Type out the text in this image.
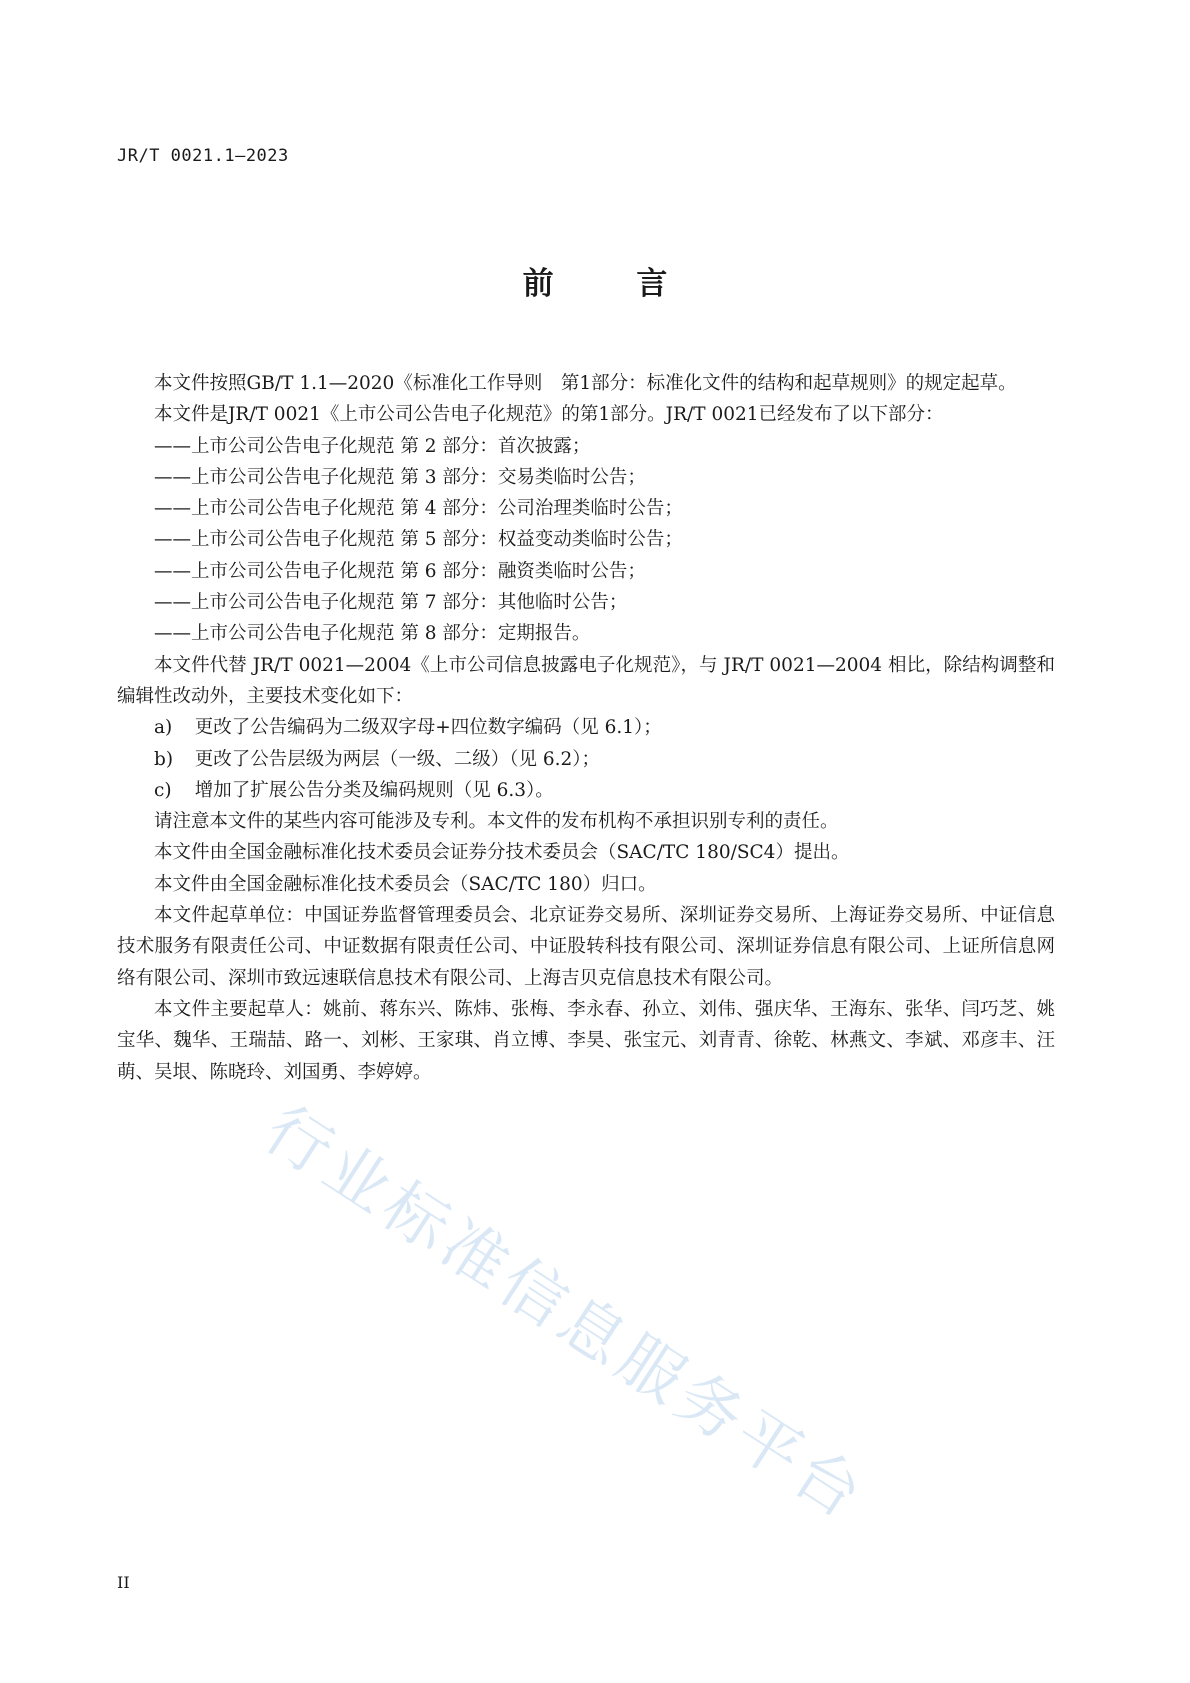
JR/T 0021.1—2023
前 言

本文件按照GB/T 1.1—2020《标准化工作导则　第1部分：标准化文件的结构和起草规则》的规定起草。

本文件是JR/T 0021《上市公司公告电子化规范》的第1部分。JR/T 0021已经发布了以下部分：

——上市公司公告电子化规范 第 2 部分：首次披露；

——上市公司公告电子化规范 第 3 部分：交易类临时公告；

——上市公司公告电子化规范 第 4 部分：公司治理类临时公告；

——上市公司公告电子化规范 第 5 部分：权益变动类临时公告；

——上市公司公告电子化规范 第 6 部分：融资类临时公告；

——上市公司公告电子化规范 第 7 部分：其他临时公告；

——上市公司公告电子化规范 第 8 部分：定期报告。

本文件代替 JR/T 0021—2004《上市公司信息披露电子化规范》，与 JR/T 0021—2004 相比，除结构调整和编辑性改动外，主要技术变化如下：

a)	更改了公告编码为二级双字母+四位数字编码（见 6.1）；
b)	更改了公告层级为两层（一级、二级）（见 6.2）；
c)	增加了扩展公告分类及编码规则（见 6.3）。

请注意本文件的某些内容可能涉及专利。本文件的发布机构不承担识别专利的责任。

本文件由全国金融标准化技术委员会证券分技术委员会（SAC/TC 180/SC4）提出。

本文件由全国金融标准化技术委员会（SAC/TC 180）归口。

本文件起草单位：中国证券监督管理委员会、北京证券交易所、深圳证券交易所、上海证券交易所、中证信息技术服务有限责任公司、中证数据有限责任公司、中证股转科技有限公司、深圳证券信息有限公司、上证所信息网络有限公司、深圳市致远速联信息技术有限公司、上海吉贝克信息技术有限公司。

本文件主要起草人：姚前、蒋东兴、陈炜、张梅、李永春、孙立、刘伟、强庆华、王海东、张华、闫巧芝、姚宝华、魏华、王瑞喆、路一、刘彬、王家琪、肖立博、李昊、张宝元、刘青青、徐乾、林燕文、李斌、邓彦丰、汪萌、吴垠、陈晓玲、刘国勇、李婷婷。

行业标准信息服务平台
II
